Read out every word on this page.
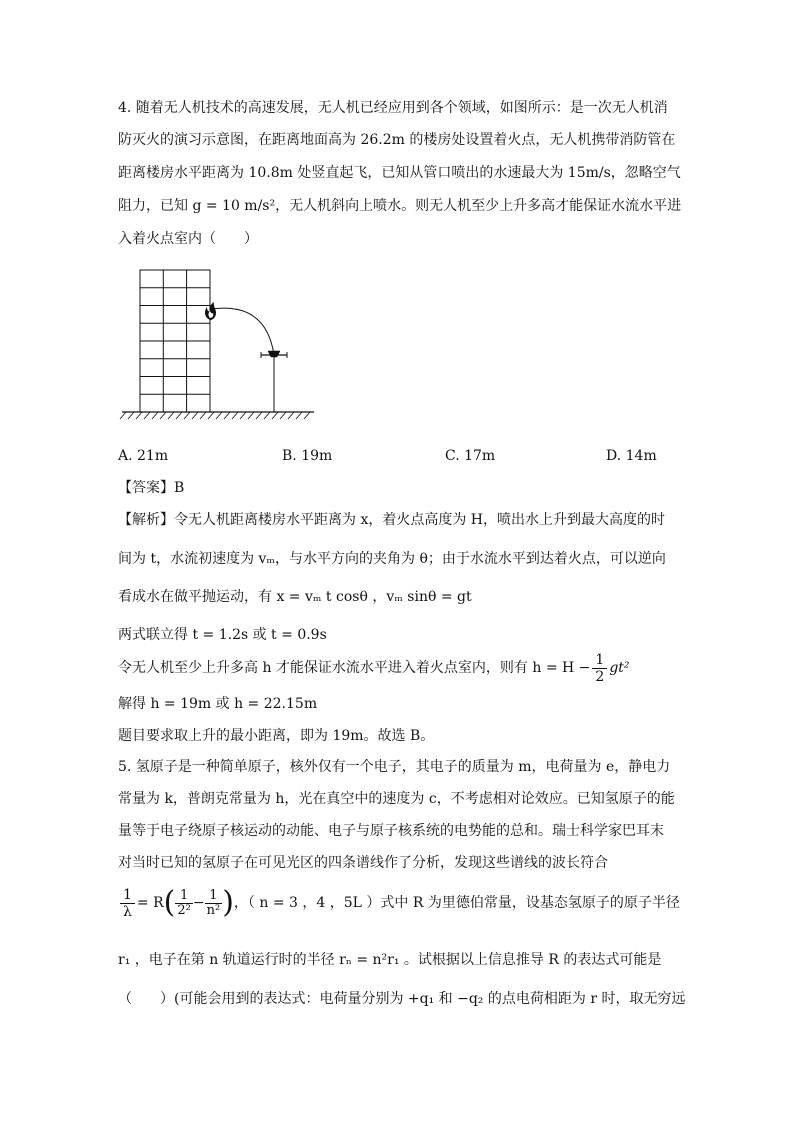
4. 随着无人机技术的高速发展，无人机已经应用到各个领域，如图所示：是一次无人机消
防灭火的演习示意图，在距离地面高为 26.2m 的楼房处设置着火点，无人机携带消防管在
距离楼房水平距离为 10.8m 处竖直起飞，已知从管口喷出的水速最大为 15m/s，忽略空气
阻力，已知 g = 10 m/s²，无人机斜向上喷水。则无人机至少上升多高才能保证水流水平进
入着火点室内（　　）
A. 21m	B. 19m	C. 17m	D. 14m
【答案】B
【解析】令无人机距离楼房水平距离为 x，着火点高度为 H，喷出水上升到最大高度的时
间为 t，水流初速度为 vₘ，与水平方向的夹角为 θ；由于水流水平到达着火点，可以逆向
看成水在做平抛运动，有 x = vₘ t cosθ ，vₘ sinθ = gt
两式联立得 t = 1.2s 或 t = 0.9s
令无人机至少上升多高 h 才能保证水流水平进入着火点室内，则有 $h = H - \frac{1}{2} gt^2$
解得 h = 19m 或 h = 22.15m
题目要求取上升的最小距离，即为 19m。故选 B。
5. 氢原子是一种简单原子，核外仅有一个电子，其电子的质量为 m，电荷量为 e，静电力
常量为 k，普朗克常量为 h，光在真空中的速度为 c，不考虑相对论效应。已知氢原子的能
量等于电子绕原子核运动的动能、电子与原子核系统的电势能的总和。瑞士科学家巴耳末
对当时已知的氢原子在可见光区的四条谱线作了分析，发现这些谱线的波长符合
$\frac{1}{\lambda} = R( \frac{1}{\text{2²}} - \frac{1}{\text{n²}}$ )，（ n = 3 ，4 ，5L ）式中 R 为里德伯常量，设基态氢原子的原子半径
r₁ ，电子在第 n 轨道运行时的半径 rₙ = n²r₁ 。试根据以上信息推导 R 的表达式可能是
（　　）(可能会用到的表达式：电荷量分别为 +q₁ 和 −q₂ 的点电荷相距为 r 时，取无穷远
